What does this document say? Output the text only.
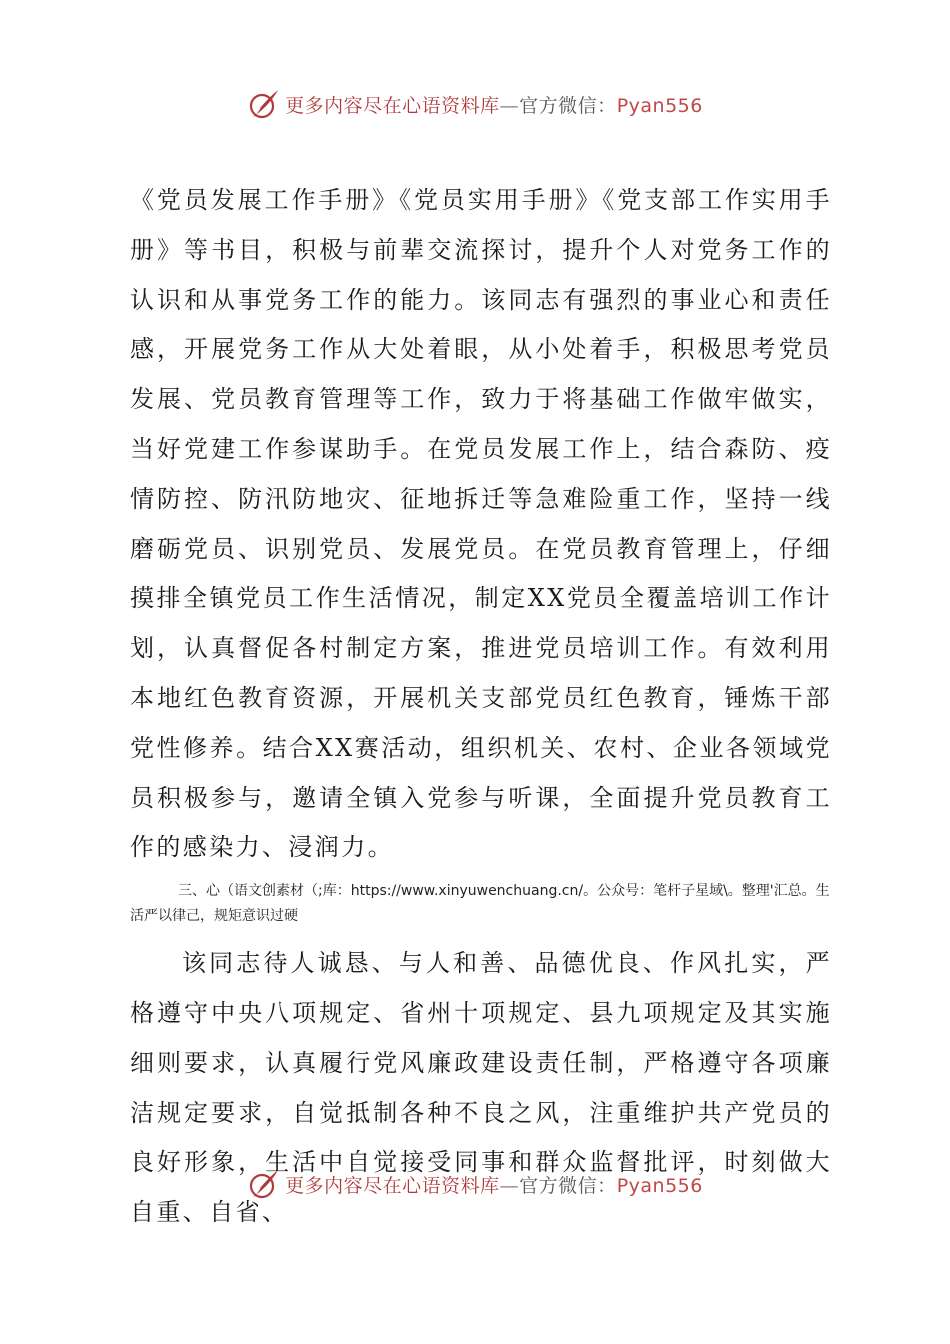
更多内容尽在心语资料库—官方微信：Pyan556

《党员发展工作手册》《党员实用手册》《党支部工作实用手册》等书目，积极与前辈交流探讨，提升个人对党务工作的认识和从事党务工作的能力。该同志有强烈的事业心和责任感，开展党务工作从大处着眼，从小处着手，积极思考党员发展、党员教育管理等工作，致力于将基础工作做牢做实，当好党建工作参谋助手。在党员发展工作上，结合森防、疫情防控、防汛防地灾、征地拆迁等急难险重工作，坚持一线磨砺党员、识别党员、发展党员。在党员教育管理上，仔细摸排全镇党员工作生活情况，制定XX党员全覆盖培训工作计划，认真督促各村制定方案，推进党员培训工作。有效利用本地红色教育资源，开展机关支部党员红色教育，锤炼干部党性修养。结合XX赛活动，组织机关、农村、企业各领域党员积极参与，邀请全镇入党参与听课，全面提升党员教育工作的感染力、浸润力。

三、心（语文创素材（;库：https://www.xinyuwenchuang.cn/。公众号：笔杆子星域\。整理'汇总。生活严以律己，规矩意识过硬

该同志待人诚恳、与人和善、品德优良、作风扎实，严格遵守中央八项规定、省州十项规定、县九项规定及其实施细则要求，认真履行党风廉政建设责任制，严格遵守各项廉洁规定要求，自觉抵制各种不良之风，注重维护共产党员的良好形象，生活中自觉接受同事和群众监督批评，时刻做大自重、自省、

更多内容尽在心语资料库—官方微信：Pyan556
